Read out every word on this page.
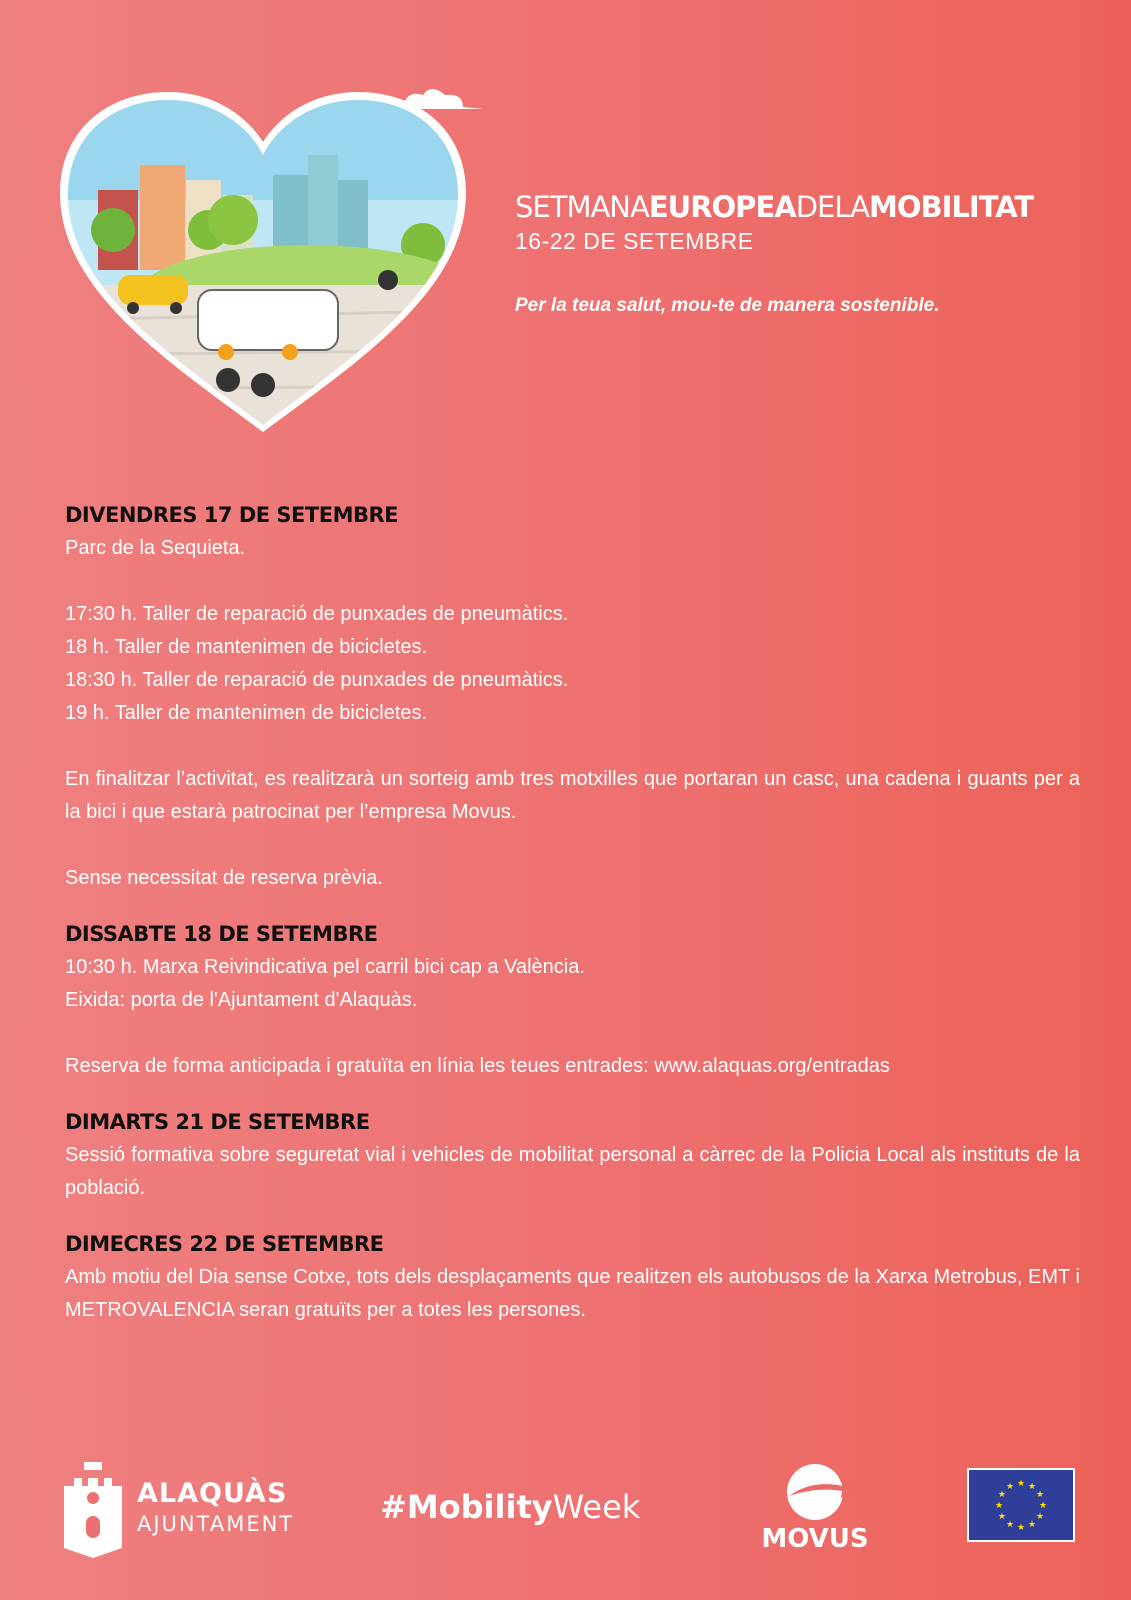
SETMANAEUROPEADELAMOBILITAT
16-22 DE SETEMBRE
Per la teua salut, mou-te de manera sostenible.
DIVENDRES 17 DE SETEMBRE
Parc de la Sequieta.
17:30 h. Taller de reparació de punxades de pneumàtics.
18 h. Taller de mantenimen de bicicletes.
18:30 h. Taller de reparació de punxades de pneumàtics.
19 h. Taller de mantenimen de bicicletes.
En finalitzar l’activitat, es realitzarà un sorteig amb tres motxilles que portaran un casc, una cadena i guants per a la bici i que estarà patrocinat per l’empresa Movus.
Sense necessitat de reserva prèvia.
DISSABTE 18 DE SETEMBRE
10:30 h. Marxa Reivindicativa pel carril bici cap a València.
Eixida: porta de l'Ajuntament d'Alaquàs.
Reserva de forma anticipada i gratuïta en línia les teues entrades: www.alaquas.org/entradas
DIMARTS 21 DE SETEMBRE
Sessió formativa sobre seguretat vial i vehicles de mobilitat personal a càrrec de la Policia Local als instituts de la població.
DIMECRES 22 DE SETEMBRE
Amb motiu del Dia sense Cotxe, tots dels desplaçaments que realitzen els autobusos de la Xarxa Metrobus, EMT i METROVALENCIA seran gratuïts per a totes les persones.
ALAQUÀS
AJUNTAMENT	#MobilityWeek
MOVUS
★ ★
★
★
★
★
★
★
★
★
★
★
